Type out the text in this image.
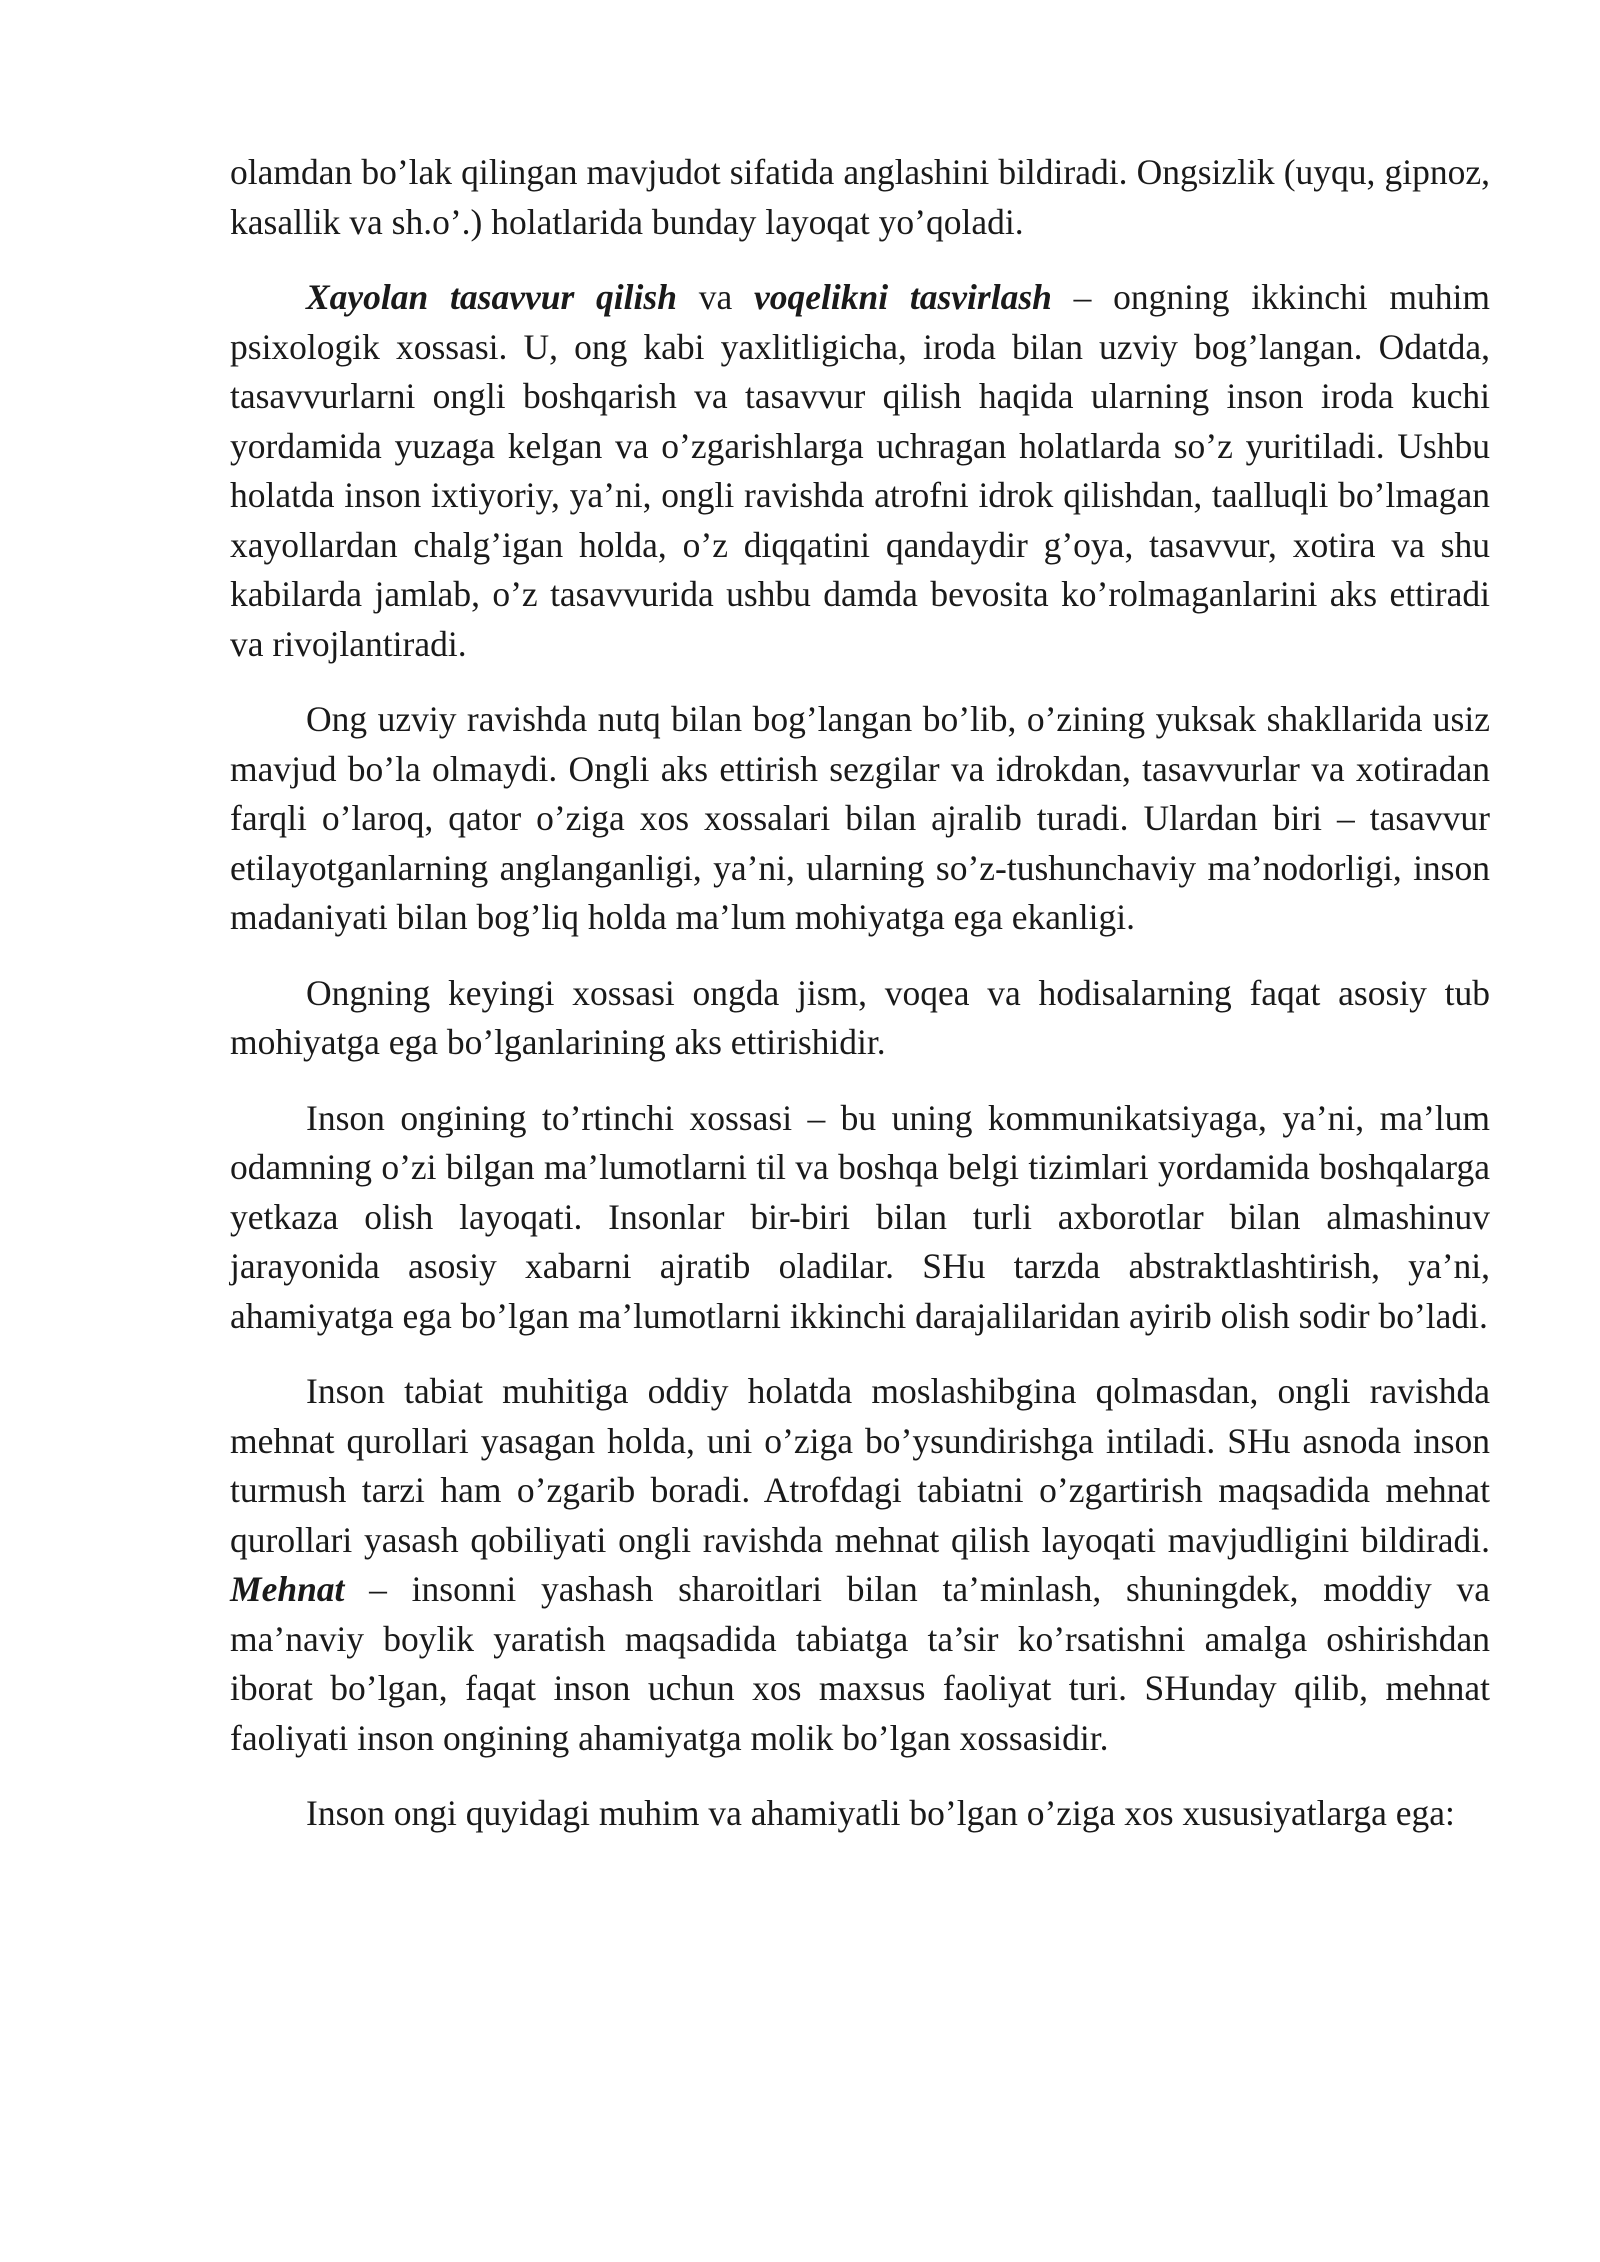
olamdan bo’lak qilingan mavjudot sifatida anglashini bildiradi. Ongsizlik (uyqu, gipnoz, kasallik va sh.o’.) holatlarida bunday layoqat yo’qoladi.

Xayolan tasavvur qilish va voqelikni tasvirlash – ongning ikkinchi muhim psixologik xossasi. U, ong kabi yaxlitligicha, iroda bilan uzviy bog’langan. Odatda, tasavvurlarni ongli boshqarish va tasavvur qilish haqida ularning inson iroda kuchi yordamida yuzaga kelgan va o’zgarishlarga uchragan holatlarda so’z yuritiladi. Ushbu holatda inson ixtiyoriy, ya’ni, ongli ravishda atrofni idrok qilishdan, taalluqli bo’lmagan xayollardan chalg’igan holda, o’z diqqatini qandaydir g’oya, tasavvur, xotira va shu kabilarda jamlab, o’z tasavvurida ushbu damda bevosita ko’rolmaganlarini aks ettiradi va rivojlantiradi.

Ong uzviy ravishda nutq bilan bog’langan bo’lib, o’zining yuksak shakllarida usiz mavjud bo’la olmaydi. Ongli aks ettirish sezgilar va idrokdan, tasavvurlar va xotiradan farqli o’laroq, qator o’ziga xos xossalari bilan ajralib turadi. Ulardan biri – tasavvur etilayotganlarning anglanganligi, ya’ni, ularning so’z-tushunchaviy ma’nodorligi, inson madaniyati bilan bog’liq holda ma’lum mohiyatga ega ekanligi.

Ongning keyingi xossasi ongda jism, voqea va hodisalarning faqat asosiy tub mohiyatga ega bo’lganlarining aks ettirishidir.

Inson ongining to’rtinchi xossasi – bu uning kommunikatsiyaga, ya’ni, ma’lum odamning o’zi bilgan ma’lumotlarni til va boshqa belgi tizimlari yordamida boshqalarga yetkaza olish layoqati. Insonlar bir-biri bilan turli axborotlar bilan almashinuv jarayonida asosiy xabarni ajratib oladilar. SHu tarzda abstraktlashtirish, ya’ni, ahamiyatga ega bo’lgan ma’lumotlarni ikkinchi darajalilaridan ayirib olish sodir bo’ladi.

Inson tabiat muhitiga oddiy holatda moslashibgina qolmasdan, ongli ravishda mehnat qurollari yasagan holda, uni o’ziga bo’ysundirishga intiladi. SHu asnoda inson turmush tarzi ham o’zgarib boradi. Atrofdagi tabiatni o’zgartirish maqsadida mehnat qurollari yasash qobiliyati ongli ravishda mehnat qilish layoqati mavjudligini bildiradi. Mehnat – insonni yashash sharoitlari bilan ta’minlash, shuningdek, moddiy va ma’naviy boylik yaratish maqsadida tabiatga ta’sir ko’rsatishni amalga oshirishdan iborat bo’lgan, faqat inson uchun xos maxsus faoliyat turi. SHunday qilib, mehnat faoliyati inson ongining ahamiyatga molik bo’lgan xossasidir.

Inson ongi quyidagi muhim va ahamiyatli bo’lgan o’ziga xos xususiyatlarga ega:
